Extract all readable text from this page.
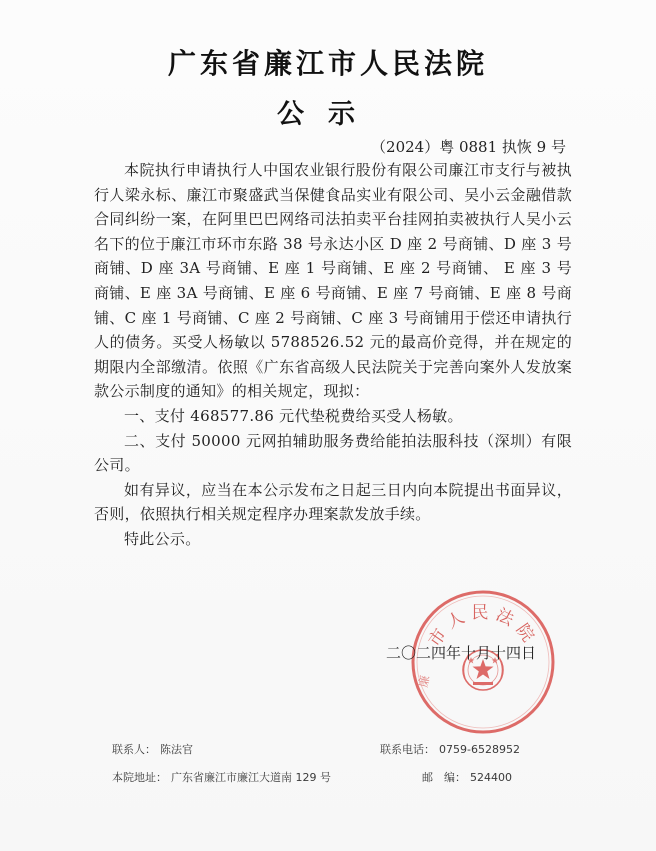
广东省廉江市人民法院
公示
（2024）粤 0881 执恢 9 号

本院执行申请执行人中国农业银行股份有限公司廉江市支行与被执行人梁永标、廉江市聚盛武当保健食品实业有限公司、吴小云金融借款合同纠纷一案，在阿里巴巴网络司法拍卖平台挂网拍卖被执行人吴小云名下的位于廉江市环市东路 38 号永达小区 D 座 2 号商铺、D 座 3 号商铺、D 座 3A 号商铺、E 座 1 号商铺、E 座 2 号商铺、 E 座 3 号商铺、E 座 3A 号商铺、E 座 6 号商铺、E 座 7 号商铺、E 座 8 号商铺、C 座 1 号商铺、C 座 2 号商铺、C 座 3 号商铺用于偿还申请执行人的债务。买受人杨敏以 5788526.52 元的最高价竞得，并在规定的期限内全部缴清。依照《广东省高级人民法院关于完善向案外人发放案款公示制度的通知》的相关规定，现拟：

一、支付 468577.86 元代垫税费给买受人杨敏。

二、支付 50000 元网拍辅助服务费给能拍法服科技（深圳）有限公司。

如有异议，应当在本公示发布之日起三日内向本院提出书面异议，否则，依照执行相关规定程序办理案款发放手续。

特此公示。

市人民法院
廉
二〇二四年十月十四日
联系人： 陈法官	联系电话： 0759-6528952
本院地址： 广东省廉江市廉江大道南 129 号	邮　编： 524400
